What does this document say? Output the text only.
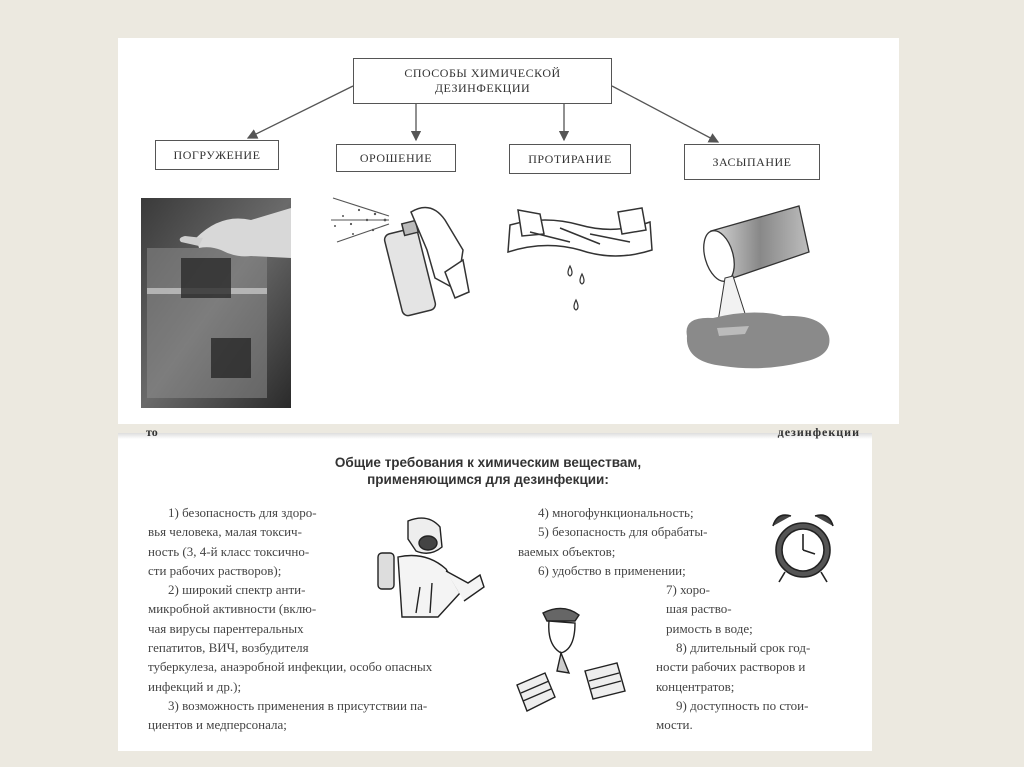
СПОСОБЫ ХИМИЧЕСКОЙ
ДЕЗИНФЕКЦИИ
ПОГРУЖЕНИЕ	ОРОШЕНИЕ	ПРОТИРАНИЕ	ЗАСЫПАНИЕ
то	дезинфекции
Общие требования к химическим веществам,
применяющимся для дезинфекции:

1) безопасность для здоро-

вья человека, малая токсич-

ность (3, 4-й класс токсично-

сти рабочих растворов);

2) широкий спектр анти-

микробной активности (вклю-

чая вирусы парентеральных

гепатитов, ВИЧ, возбудителя

туберкулеза, анаэробной инфекции, особо опасных

инфекций и др.);

3) возможность применения в присутствии па-

циентов и медперсонала;

4) многофункциональность;

5) безопасность для обрабаты-

ваемых объектов;

6) удобство в применении;

7) хоро-

шая раство-

римость в воде;

8) длительный срок год-

ности рабочих растворов и

концентратов;

9) доступность по стои-

мости.
